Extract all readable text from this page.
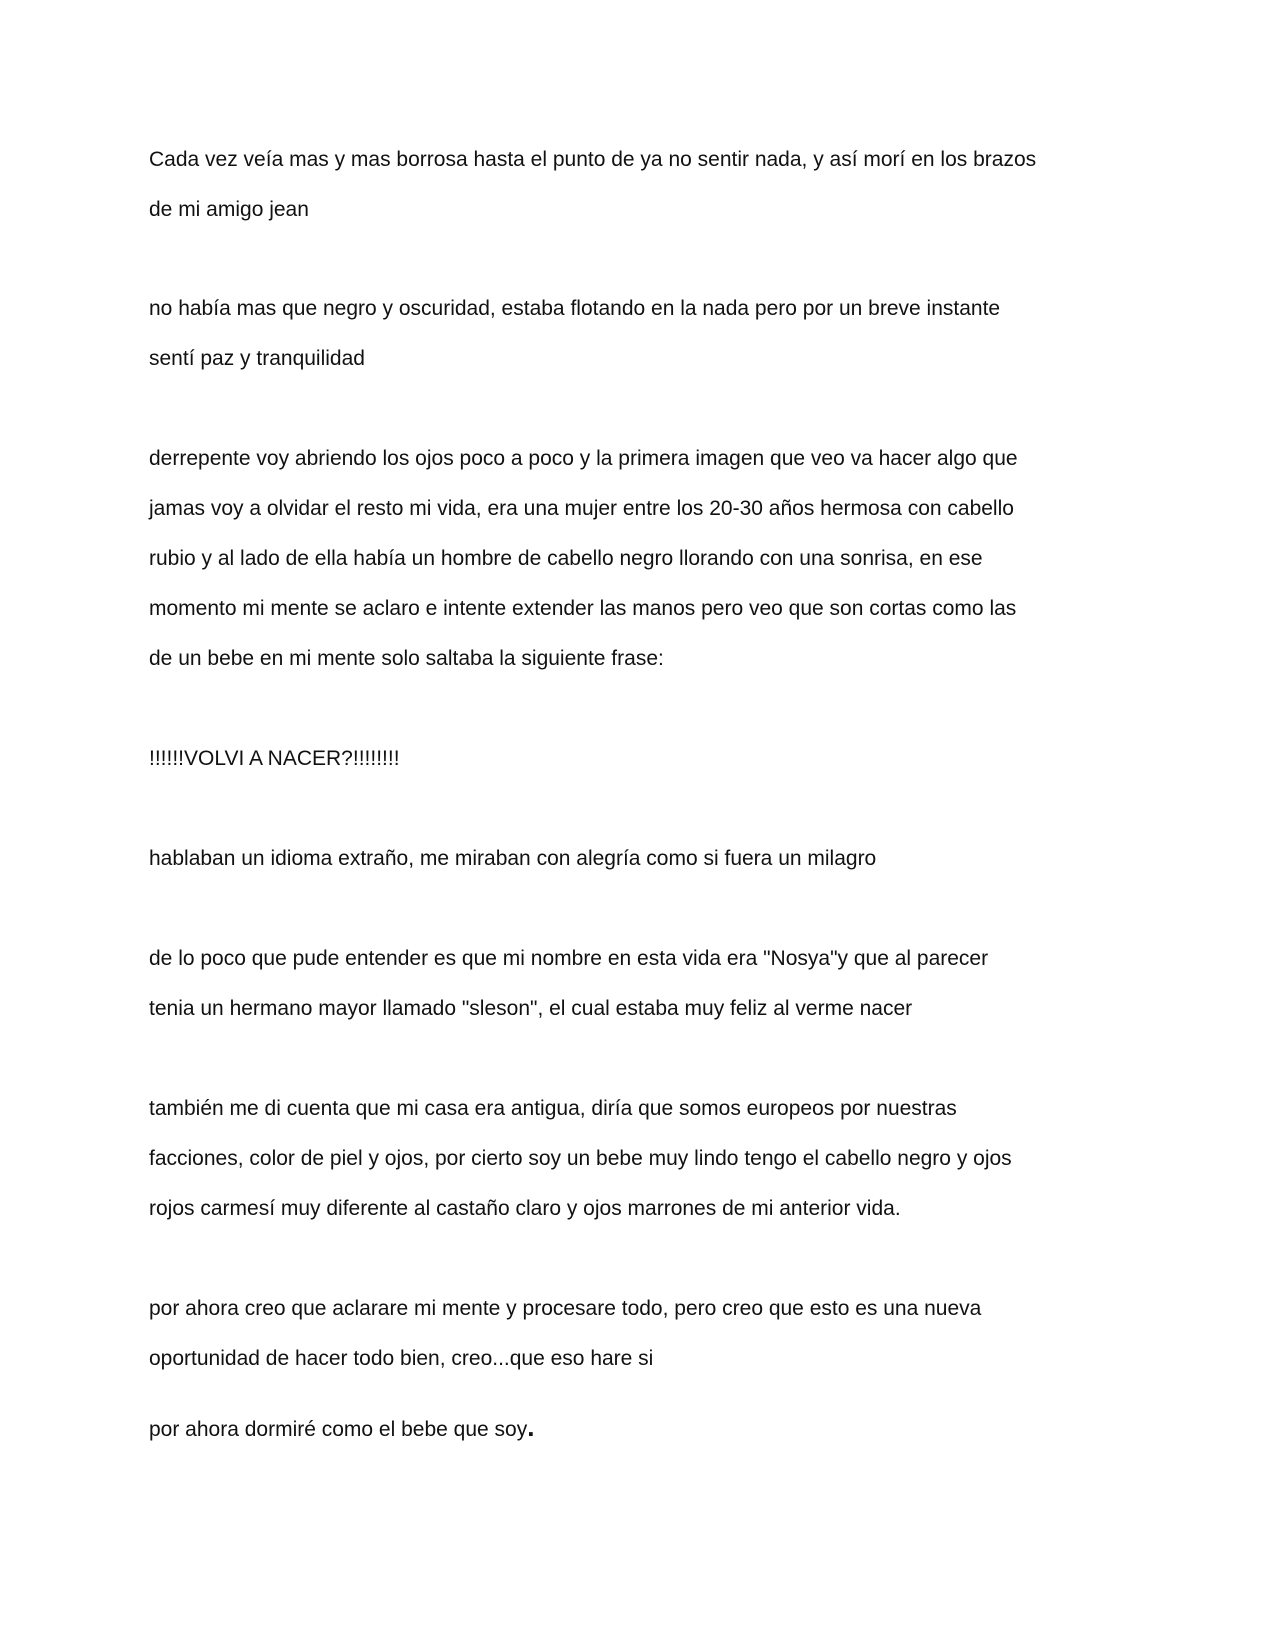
Cada vez veía mas y mas borrosa hasta el punto de ya no sentir nada, y así morí en los brazos
de mi amigo jean

no había mas que negro y oscuridad, estaba flotando en la nada pero por un breve instante
sentí paz y tranquilidad

derrepente voy abriendo los ojos poco a poco y la primera imagen que veo va hacer algo que
jamas voy a olvidar el resto mi vida, era una mujer entre los 20-30 años hermosa con cabello
rubio y al lado de ella había un hombre de cabello negro llorando con una sonrisa, en ese
momento mi mente se aclaro e intente extender las manos pero veo que son cortas como las
de un bebe en mi mente solo saltaba la siguiente frase:

!!!!!!VOLVI A NACER?!!!!!!!!

hablaban un idioma extraño, me miraban con alegría como si fuera un milagro

de lo poco que pude entender es que mi nombre en esta vida era "Nosya"y que al parecer
tenia un hermano mayor llamado "sleson", el cual estaba muy feliz al verme nacer

también me di cuenta que mi casa era antigua, diría que somos europeos por nuestras
facciones, color de piel y ojos, por cierto soy un bebe muy lindo tengo el cabello negro y ojos
rojos carmesí muy diferente al castaño claro y ojos marrones de mi anterior vida.

por ahora creo que aclarare mi mente y procesare todo, pero creo que esto es una nueva
oportunidad de hacer todo bien, creo...que eso hare si

por ahora dormiré como el bebe que soy.
